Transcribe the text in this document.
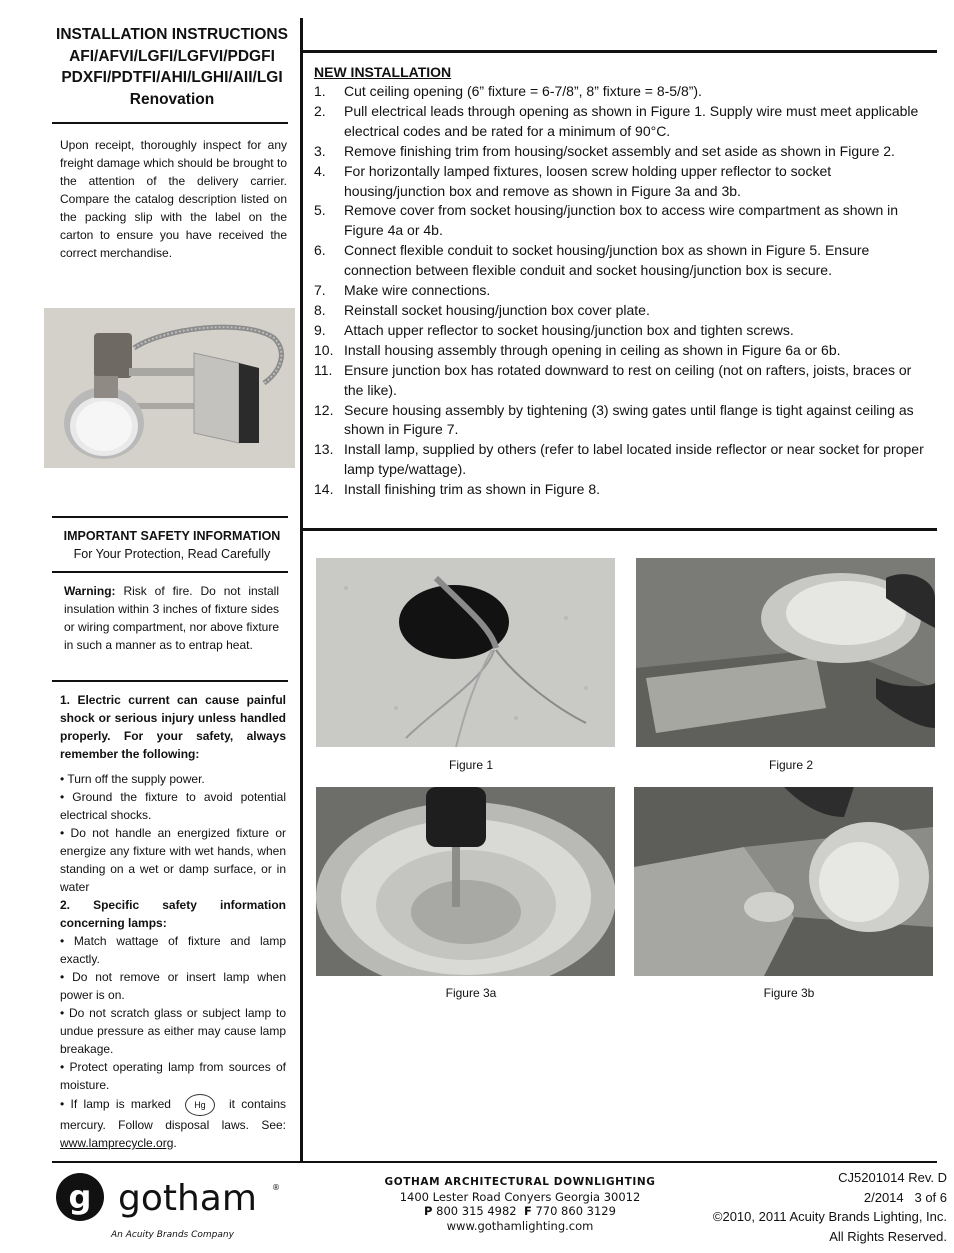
INSTALLATION INSTRUCTIONS
AFI/AFVI/LGFI/LGFVI/PDGFI
PDXFI/PDTFI/AHI/LGHI/AII/LGI
Renovation
Upon receipt, thoroughly inspect for any freight damage which should be brought to the attention of the delivery carrier. Compare the catalog description listed on the packing slip with the label on the carton to ensure you have received the correct merchandise.
IMPORTANT SAFETY INFORMATION
For Your Protection, Read Carefully
Warning: Risk of fire. Do not install insulation within 3 inches of fixture sides or wiring compartment, nor above fixture in such a manner as to entrap heat.
1. Electric current can cause painful shock or serious injury unless handled properly. For your safety, always remember the following:
• Turn off the supply power.
• Ground the fixture to avoid potential electrical shocks.
• Do not handle an energized fixture or energize any fixture with wet hands, when standing on a wet or damp surface, or in water
2. Specific safety information concerning lamps:
• Match wattage of fixture and lamp exactly.
• Do not remove or insert lamp when power is on.
• Do not scratch glass or subject lamp to undue pressure as either may cause lamp breakage.
• Protect operating lamp from sources of moisture.
• If lamp is marked	Hg it contains mercury. Follow disposal laws. See: www.lamprecycle.org.
NEW INSTALLATION
1.	Cut ceiling opening (6” fixture = 6-7/8”, 8” fixture = 8-5/8”).
2.	Pull electrical leads through opening as shown in Figure 1. Supply wire must meet applicable electrical codes and be rated for a minimum of 90°C.
3.	Remove finishing trim from housing/socket assembly and set aside as shown in Figure 2.
4.	For horizontally lamped fixtures, loosen screw holding upper reflector to socket housing/junction box and remove as shown in Figure 3a and 3b.
5.	Remove cover from socket housing/junction box to access wire compartment as shown in Figure 4a or 4b.
6.	Connect flexible conduit to socket housing/junction box as shown in Figure 5. Ensure connection between flexible conduit and socket housing/junction box is secure.
7.	Make wire connections.
8.	Reinstall socket housing/junction box cover plate.
9.	Attach upper reflector to socket housing/junction box and tighten screws.
10. Install housing assembly through opening in ceiling as shown in Figure 6a or 6b.
11. Ensure junction box has rotated downward to rest on ceiling (not on rafters, joists, braces or the like).
12. Secure housing assembly by tightening (3) swing gates until flange is tight against ceiling as shown in Figure 7.
13. Install lamp, supplied by others (refer to label located inside reflector or near socket for proper lamp type/wattage).
14. Install finishing trim as shown in Figure 8.
Figure 1	Figure 2
Figure 3a	Figure 3b
g gotham ®
An Acuity Brands Company
GOTHAM ARCHITECTURAL DOWNLIGHTING
1400 Lester Road Conyers Georgia 30012
P 800 315 4982 F 770 860 3129
www.gothamlighting.com
CJ5201014 Rev. D
2/2014   3 of 6
©2010, 2011 Acuity Brands Lighting, Inc.
All Rights Reserved.
